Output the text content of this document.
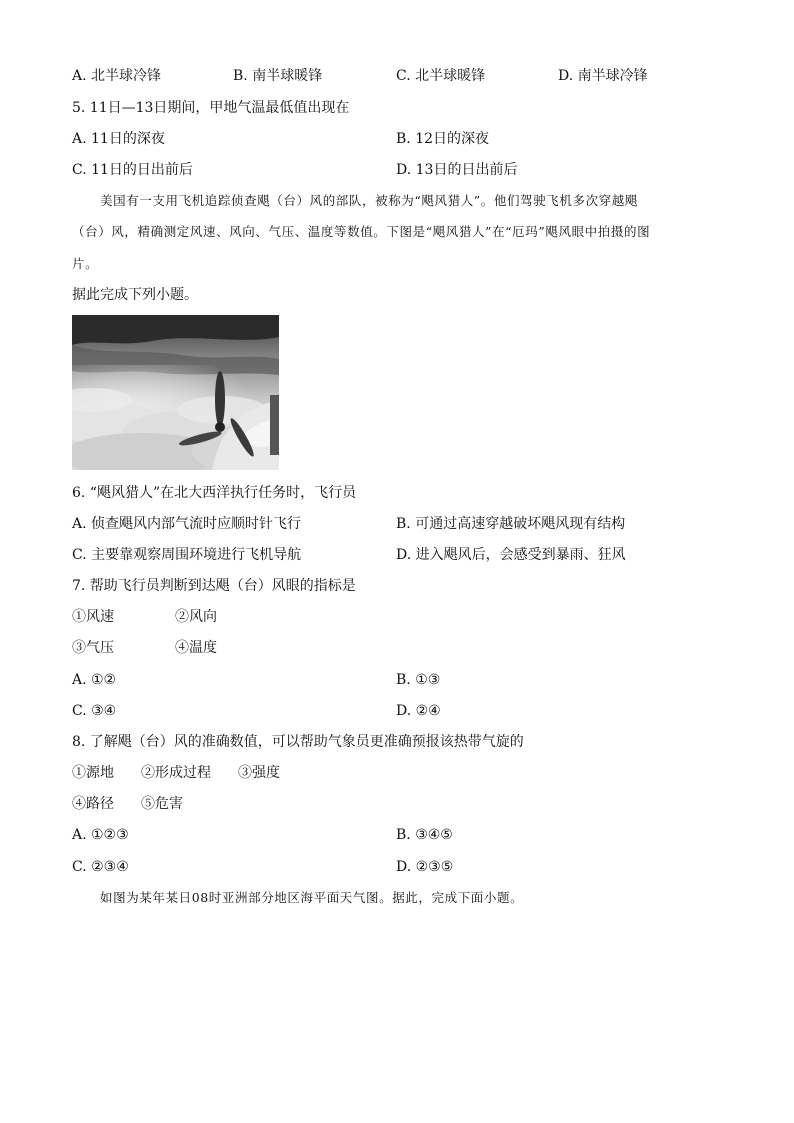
A. 北半球冷锋	B. 南半球暖锋	C. 北半球暖锋	D. 南半球冷锋
5. 11日—13日期间，甲地气温最低值出现在
A. 11日的深夜	B. 12日的深夜
C. 11日的日出前后	D. 13日的日出前后
美国有一支用飞机追踪侦查飓（台）风的部队，被称为“飓风猎人”。他们驾驶飞机多次穿越飓
（台）风，精确测定风速、风向、气压、温度等数值。下图是“飓风猎人”在“厄玛”飓风眼中拍摄的图
片。
据此完成下列小题。
6. “飓风猎人”在北大西洋执行任务时，飞行员
A. 侦查飓风内部气流时应顺时针飞行	B. 可通过高速穿越破坏飓风现有结构
C. 主要靠观察周围环境进行飞机导航	D. 进入飓风后，会感受到暴雨、狂风
7. 帮助飞行员判断到达飓（台）风眼的指标是
①风速	②风向
③气压	④温度
A. ①②	B. ①③
C. ③④	D. ②④
8. 了解飓（台）风的准确数值，可以帮助气象员更准确预报该热带气旋的
①源地 ②形成过程 ③强度
④路径 ⑤危害
A. ①②③	B. ③④⑤
C. ②③④	D. ②③⑤
如图为某年某日08时亚洲部分地区海平面天气图。据此，完成下面小题。
